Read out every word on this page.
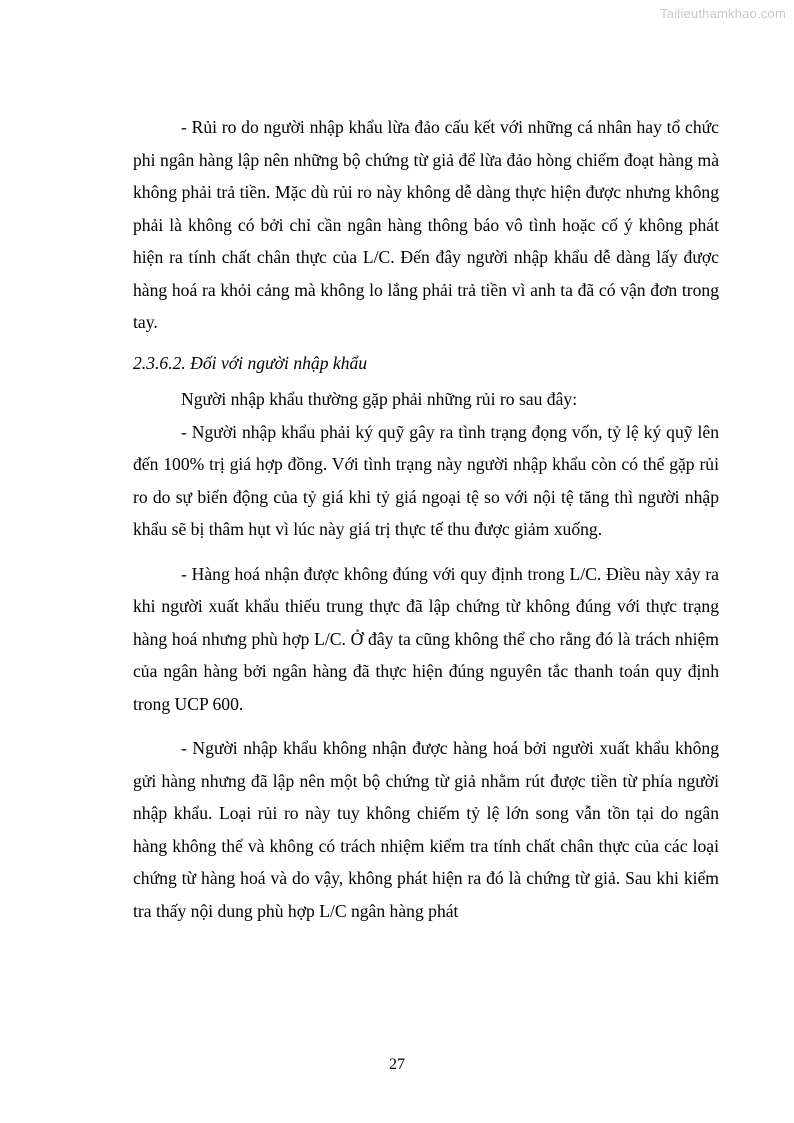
Tailieuthamkhao.com

- Rủi ro do người nhập khẩu lừa đảo cấu kết với những cá nhân hay tổ chức phi ngân hàng lập nên những bộ chứng từ giả để lừa đảo hòng chiếm đoạt hàng mà không phải trả tiền. Mặc dù rủi ro này không dễ dàng thực hiện được nhưng không phải là không có bởi chỉ cần ngân hàng thông báo vô tình hoặc cố ý không phát hiện ra tính chất chân thực của L/C. Đến đây người nhập khẩu dễ dàng lấy được hàng hoá ra khỏi cảng mà không lo lắng phải trả tiền vì anh ta đã có vận đơn trong tay.

2.3.6.2. Đối với người nhập khẩu

Người nhập khẩu thường gặp phải những rủi ro sau đây:

- Người nhập khẩu phải ký quỹ gây ra tình trạng đọng vốn, tỷ lệ ký quỹ lên đến 100% trị giá hợp đồng. Với tình trạng này người nhập khẩu còn có thể gặp rủi ro do sự biến động của tỷ giá khi tỷ giá ngoại tệ so với nội tệ tăng thì người nhập khẩu sẽ bị thâm hụt vì lúc này giá trị thực tế thu được giảm xuống.

- Hàng hoá nhận được không đúng với quy định trong L/C. Điều này xảy ra khi người xuất khẩu thiếu trung thực đã lập chứng từ không đúng với thực trạng hàng hoá nhưng phù hợp L/C. Ở đây ta cũng không thể cho rằng đó là trách nhiệm của ngân hàng bởi ngân hàng đã thực hiện đúng nguyên tắc thanh toán quy định trong UCP 600.

- Người nhập khẩu không nhận được hàng hoá bởi người xuất khẩu không gửi hàng nhưng đã lập nên một bộ chứng từ giả nhằm rút được tiền từ phía người nhập khẩu. Loại rủi ro này tuy không chiếm tỷ lệ lớn song vẫn tồn tại do ngân hàng không thể và không có trách nhiệm kiểm tra tính chất chân thực của các loại chứng từ hàng hoá và do vậy, không phát hiện ra đó là chứng từ giả. Sau khi kiểm tra thấy nội dung phù hợp L/C ngân hàng phát

27
